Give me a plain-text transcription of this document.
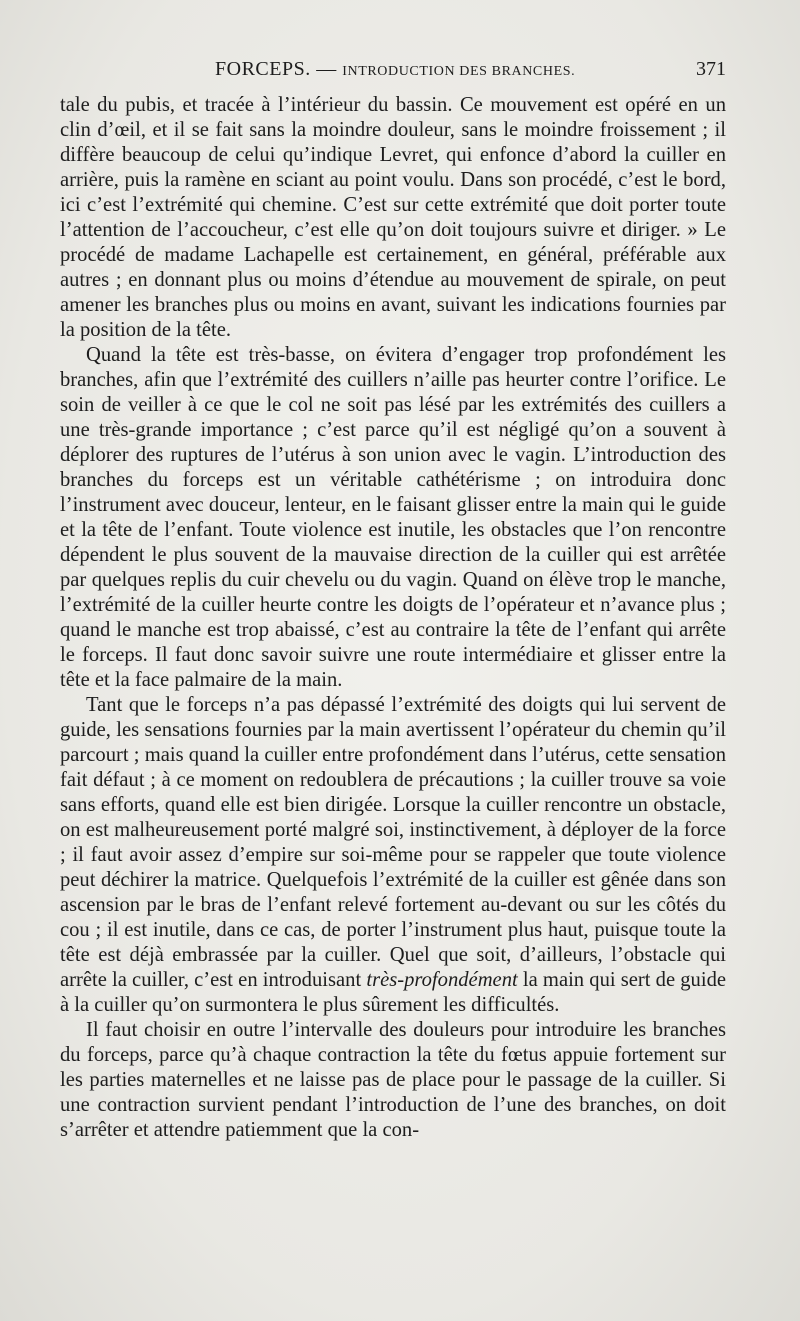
FORCEPS. — INTRODUCTION DES BRANCHES.	371

tale du pubis, et tracée à l’intérieur du bassin. Ce mouvement est opéré en un clin d’œil, et il se fait sans la moindre douleur, sans le moindre froissement ; il diffère beaucoup de celui qu’indique Levret, qui enfonce d’abord la cuiller en arrière, puis la ramène en sciant au point voulu. Dans son procédé, c’est le bord, ici c’est l’extrémité qui chemine. C’est sur cette extrémité que doit porter toute l’attention de l’accoucheur, c’est elle qu’on doit toujours suivre et diriger. » Le procédé de madame Lachapelle est certainement, en général, préférable aux autres ; en donnant plus ou moins d’étendue au mouvement de spirale, on peut amener les branches plus ou moins en avant, suivant les indications fournies par la position de la tête.

Quand la tête est très-basse, on évitera d’engager trop profondément les branches, afin que l’extrémité des cuillers n’aille pas heurter contre l’orifice. Le soin de veiller à ce que le col ne soit pas lésé par les extrémités des cuillers a une très-grande importance ; c’est parce qu’il est négligé qu’on a souvent à déplorer des ruptures de l’utérus à son union avec le vagin. L’introduction des branches du forceps est un véritable cathétérisme ; on introduira donc l’instrument avec douceur, lenteur, en le faisant glisser entre la main qui le guide et la tête de l’enfant. Toute violence est inutile, les obstacles que l’on rencontre dépendent le plus souvent de la mauvaise direction de la cuiller qui est arrêtée par quelques replis du cuir chevelu ou du vagin. Quand on élève trop le manche, l’extrémité de la cuiller heurte contre les doigts de l’opérateur et n’avance plus ; quand le manche est trop abaissé, c’est au contraire la tête de l’enfant qui arrête le forceps. Il faut donc savoir suivre une route intermédiaire et glisser entre la tête et la face palmaire de la main.

Tant que le forceps n’a pas dépassé l’extrémité des doigts qui lui servent de guide, les sensations fournies par la main avertissent l’opérateur du chemin qu’il parcourt ; mais quand la cuiller entre profondément dans l’utérus, cette sensation fait défaut ; à ce moment on redoublera de précautions ; la cuiller trouve sa voie sans efforts, quand elle est bien dirigée. Lorsque la cuiller rencontre un obstacle, on est malheureusement porté malgré soi, instinctivement, à déployer de la force ; il faut avoir assez d’empire sur soi-même pour se rappeler que toute violence peut déchirer la matrice. Quelquefois l’extrémité de la cuiller est gênée dans son ascension par le bras de l’enfant relevé fortement au-devant ou sur les côtés du cou ; il est inutile, dans ce cas, de porter l’instrument plus haut, puisque toute la tête est déjà embrassée par la cuiller. Quel que soit, d’ailleurs, l’obstacle qui arrête la cuiller, c’est en introduisant très-profondément la main qui sert de guide à la cuiller qu’on surmontera le plus sûrement les difficultés.

Il faut choisir en outre l’intervalle des douleurs pour introduire les branches du forceps, parce qu’à chaque contraction la tête du fœtus appuie fortement sur les parties maternelles et ne laisse pas de place pour le passage de la cuiller. Si une contraction survient pendant l’introduction de l’une des branches, on doit s’arrêter et attendre patiemment que la con-
